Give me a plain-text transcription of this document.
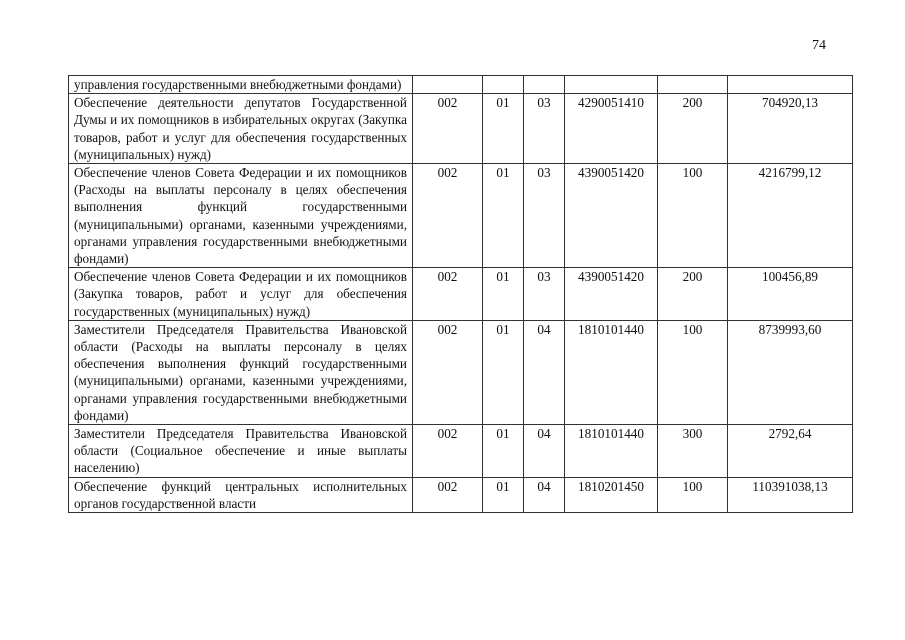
74
управления государственными внебюджетными фондами)						
Обеспечение деятельности депутатов Государственной Думы и их помощников в избирательных округах (Закупка товаров, работ и услуг для обеспечения государственных (муниципальных) нужд)	002	01	03	4290051410	200	704920,13
Обеспечение членов Совета Федерации и их помощников (Расходы на выплаты персоналу в целях обеспечения выполнения функций государственными (муниципальными) органами, казенными учреждениями, органами управления государственными внебюджетными фондами)	002	01	03	4390051420	100	4216799,12
Обеспечение членов Совета Федерации и их помощников (Закупка товаров, работ и услуг для обеспечения государственных (муниципальных) нужд)	002	01	03	4390051420	200	100456,89
Заместители Председателя Правительства Ивановской области (Расходы на выплаты персоналу в целях обеспечения выполнения функций государственными (муниципальными) органами, казенными учреждениями, органами управления государственными внебюджетными фондами)	002	01	04	1810101440	100	8739993,60
Заместители Председателя Правительства Ивановской области (Социальное обеспечение и иные выплаты населению)	002	01	04	1810101440	300	2792,64
Обеспечение функций центральных исполнительных органов государственной власти	002	01	04	1810201450	100	110391038,13
